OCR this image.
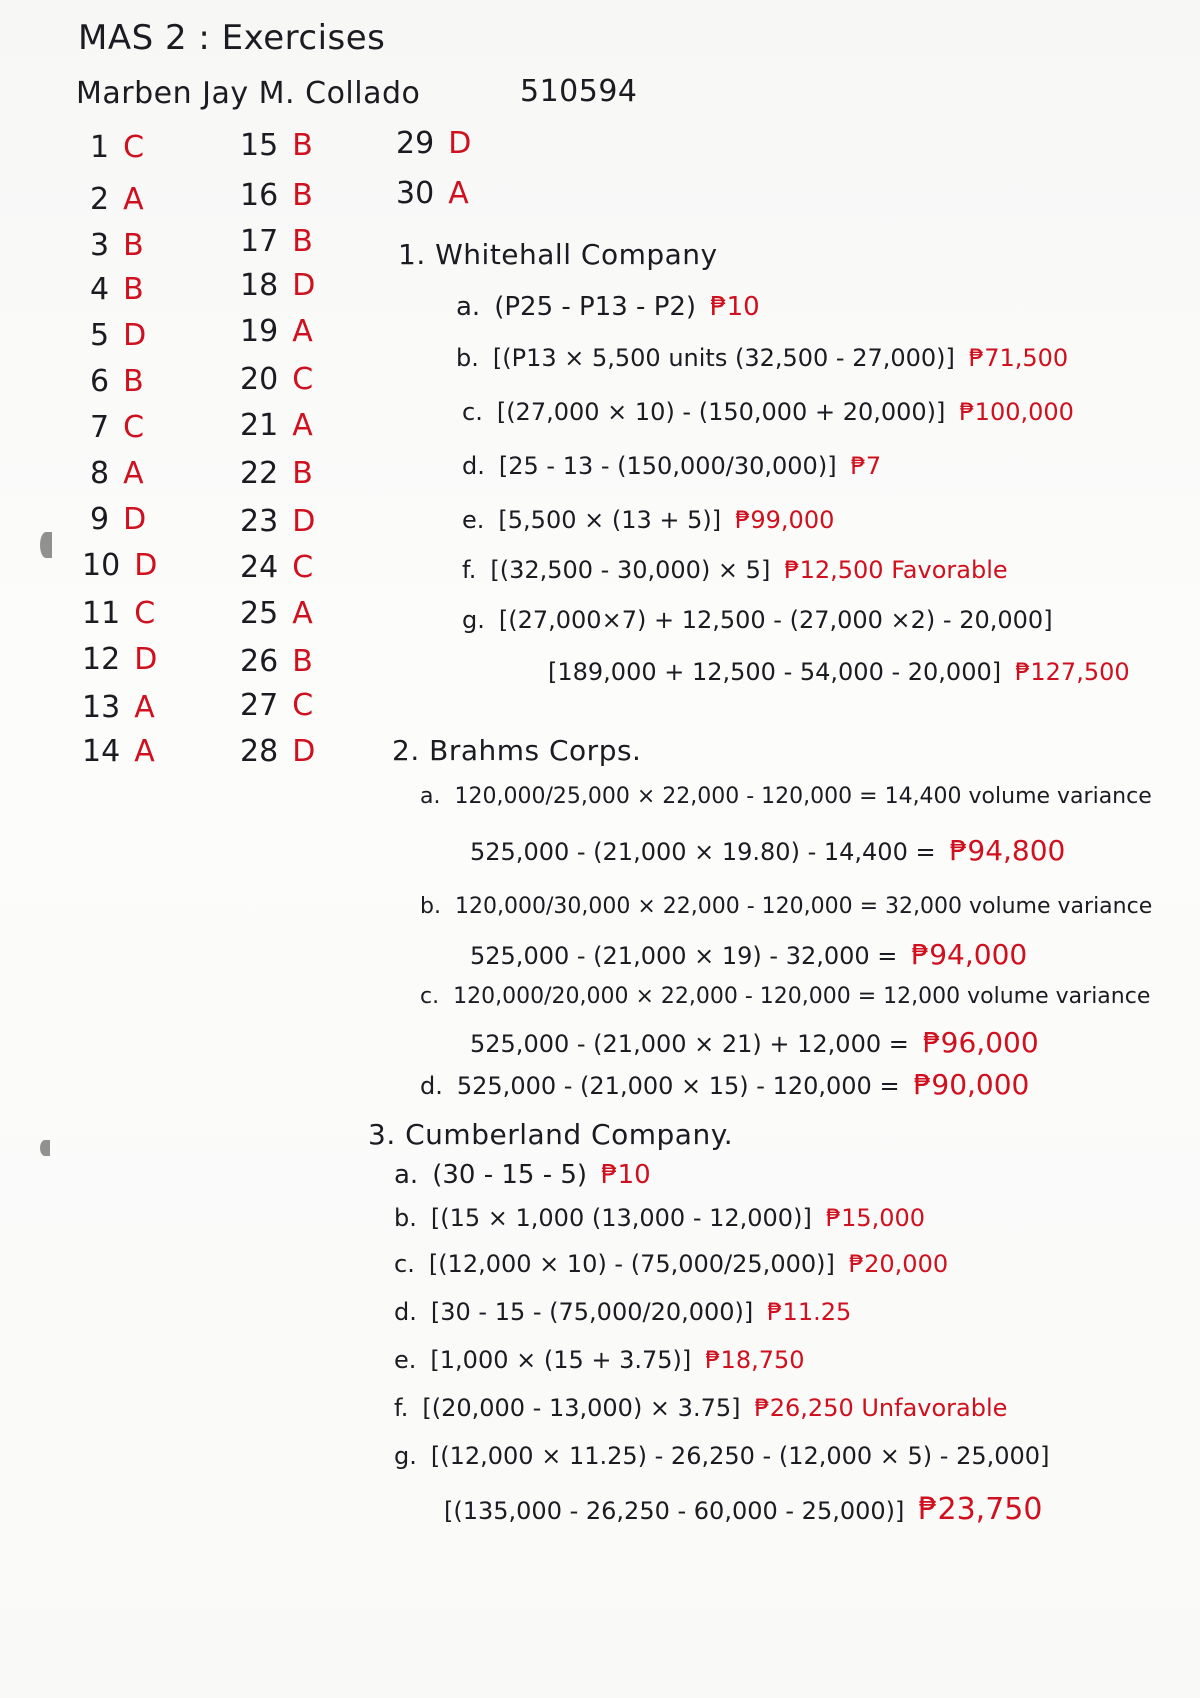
MAS 2 : Exercises
Marben Jay M. Collado	510594
1 C
2 A
3 B
4 B
5 D
6 B
7 C
8 A
9 D
10 D
11 C
12 D
13 A
14 A
15 B
16 B
17 B
18 D
19 A
20 C
21 A
22 B
23 D
24 C
25 A
26 B
27 C
28 D
29 D
30 A
1. Whitehall Company
a. (P25 - P13 - P2) ₱10
b. [(P13 × 5,500 units (32,500 - 27,000)] ₱71,500
c. [(27,000 × 10) - (150,000 + 20,000)] ₱100,000
d. [25 - 13 - (150,000/30,000)] ₱7
e. [5,500 × (13 + 5)] ₱99,000
f. [(32,500 - 30,000) × 5] ₱12,500 Favorable
g. [(27,000×7) + 12,500 - (27,000 ×2) - 20,000]
[189,000 + 12,500 - 54,000 - 20,000] ₱127,500
2. Brahms Corps.
a. 120,000/25,000 × 22,000 - 120,000 = 14,400 volume variance
525,000 - (21,000 × 19.80) - 14,400 = ₱94,800
b. 120,000/30,000 × 22,000 - 120,000 = 32,000 volume variance
525,000 - (21,000 × 19) - 32,000 = ₱94,000
c. 120,000/20,000 × 22,000 - 120,000 = 12,000 volume variance
525,000 - (21,000 × 21) + 12,000 = ₱96,000
d. 525,000 - (21,000 × 15) - 120,000 = ₱90,000
3. Cumberland Company.
a. (30 - 15 - 5) ₱10
b. [(15 × 1,000 (13,000 - 12,000)] ₱15,000
c. [(12,000 × 10) - (75,000/25,000)] ₱20,000
d. [30 - 15 - (75,000/20,000)] ₱11.25
e. [1,000 × (15 + 3.75)] ₱18,750
f. [(20,000 - 13,000) × 3.75] ₱26,250 Unfavorable
g. [(12,000 × 11.25) - 26,250 - (12,000 × 5) - 25,000]
[(135,000 - 26,250 - 60,000 - 25,000)] ₱23,750
